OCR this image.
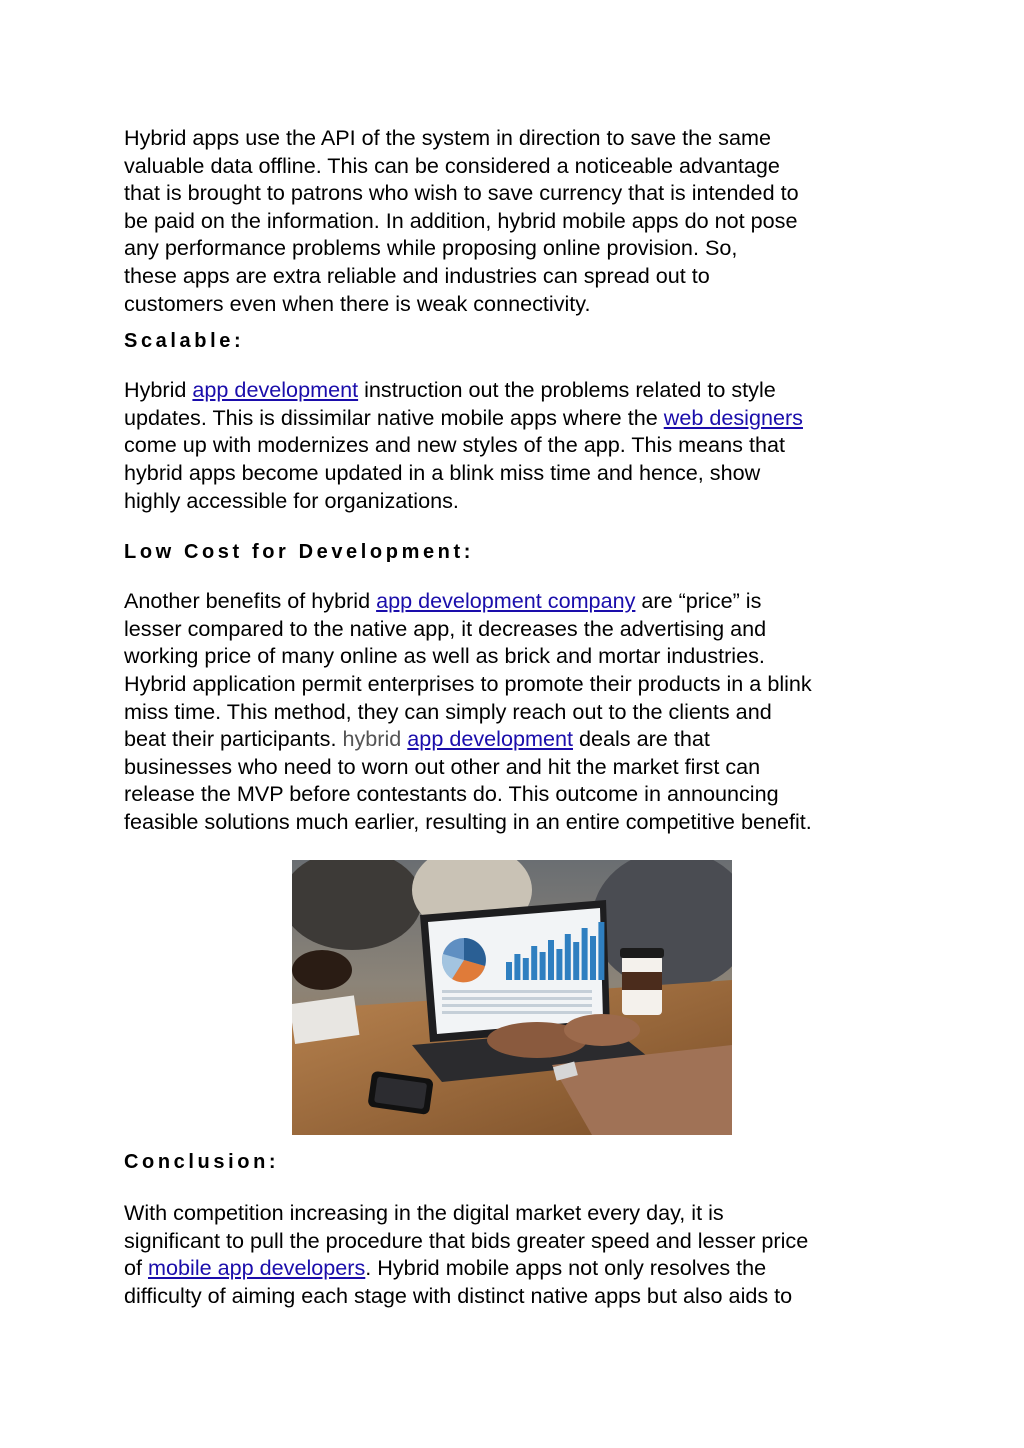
Hybrid apps use the API of the system in direction to save the same
valuable data offline. This can be considered a noticeable advantage
that is brought to patrons who wish to save currency that is intended to
be paid on the information. In addition, hybrid mobile apps do not pose
any performance problems while proposing online provision. So,
these apps are extra reliable and industries can spread out to
customers even when there is weak connectivity.

Scalable:

Hybrid app development instruction out the problems related to style
updates. This is dissimilar native mobile apps where the web designers
come up with modernizes and new styles of the app. This means that
hybrid apps become updated in a blink miss time and hence, show
highly accessible for organizations.

Low Cost for Development:

Another benefits of hybrid app development company are “price” is
lesser compared to the native app, it decreases the advertising and
working price of many online as well as brick and mortar industries.
Hybrid application permit enterprises to promote their products in a blink
miss time. This method, they can simply reach out to the clients and
beat their participants. hybrid app development deals are that
businesses who need to worn out other and hit the market first can
release the MVP before contestants do. This outcome in announcing
feasible solutions much earlier, resulting in an entire competitive benefit.

Conclusion:

With competition increasing in the digital market every day, it is
significant to pull the procedure that bids greater speed and lesser price
of mobile app developers. Hybrid mobile apps not only resolves the
difficulty of aiming each stage with distinct native apps but also aids to
